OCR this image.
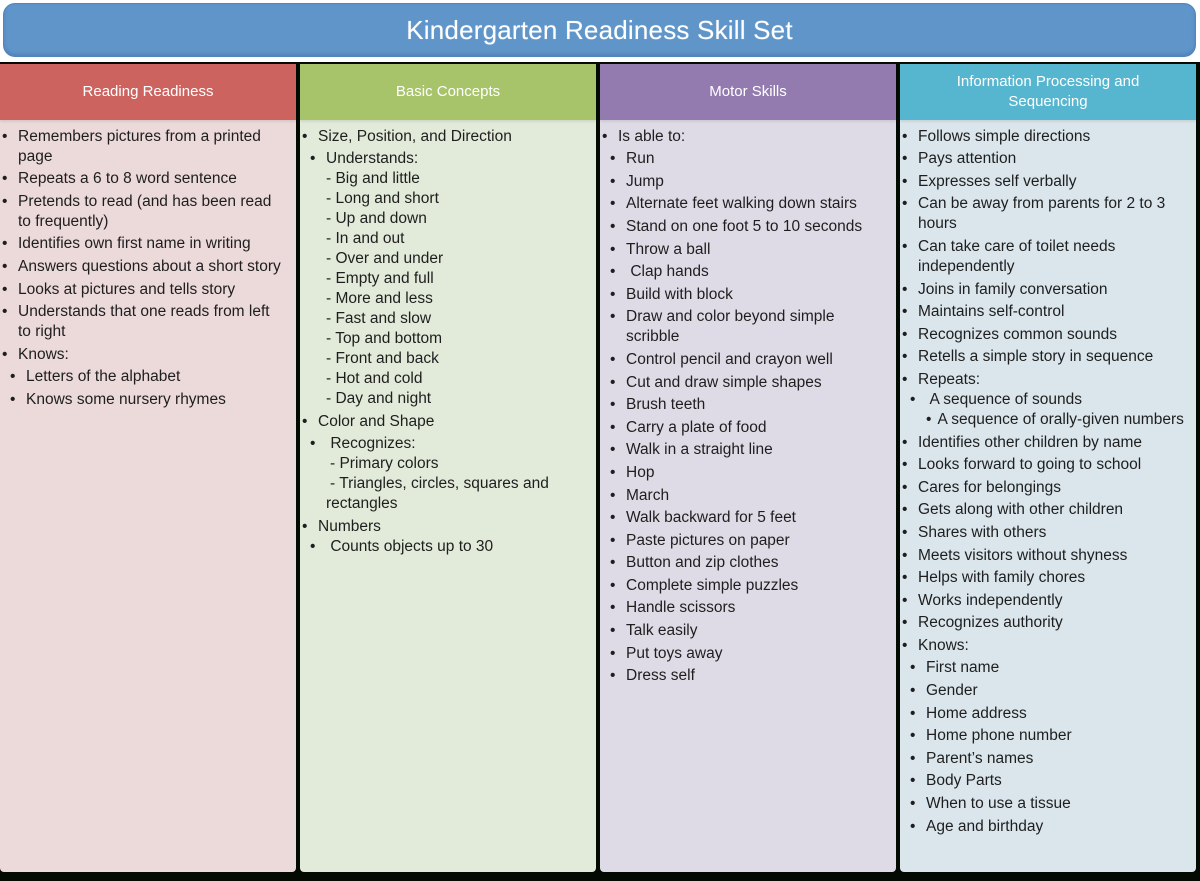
Kindergarten Readiness Skill Set
Reading Readiness
• Remembers pictures from a printed page
• Repeats a 6 to 8 word sentence
• Pretends to read (and has been read to frequently)
• Identifies own first name in writing
• Answers questions about a short story
• Looks at pictures and tells story
• Understands that one reads from left to right
• Knows:
• Letters of the alphabet
• Knows some nursery rhymes
Basic Concepts
• Size, Position, and Direction
• Understands:
- Big and little
- Long and short
- Up and down
- In and out
- Over and under
- Empty and full
- More and less
- Fast and slow
- Top and bottom
- Front and back
- Hot and cold
- Day and night
• Color and Shape
• Recognizes:
- Primary colors
- Triangles, circles, squares and rectangles
• Numbers
• Counts objects up to 30
Motor Skills
• Is able to:
• Run
• Jump
• Alternate feet walking down stairs
• Stand on one foot 5 to 10 seconds
• Throw a ball
• Clap hands
• Build with block
• Draw and color beyond simple scribble
• Control pencil and crayon well
• Cut and draw simple shapes
• Brush teeth
• Carry a plate of food
• Walk in a straight line
• Hop
• March
• Walk backward for 5 feet
• Paste pictures on paper
• Button and zip clothes
• Complete simple puzzles
• Handle scissors
• Talk easily
• Put toys away
• Dress self
Information Processing and Sequencing
• Follows simple directions
• Pays attention
• Expresses self verbally
• Can be away from parents for 2 to 3 hours
• Can take care of toilet needs independently
• Joins in family conversation
• Maintains self-control
• Recognizes common sounds
• Retells a simple story in sequence
• Repeats:
• A sequence of sounds
• A sequence of orally-given numbers
• Identifies other children by name
• Looks forward to going to school
• Cares for belongings
• Gets along with other children
• Shares with others
• Meets visitors without shyness
• Helps with family chores
• Works independently
• Recognizes authority
• Knows:
• First name
• Gender
• Home address
• Home phone number
• Parent’s names
• Body Parts
• When to use a tissue
• Age and birthday
